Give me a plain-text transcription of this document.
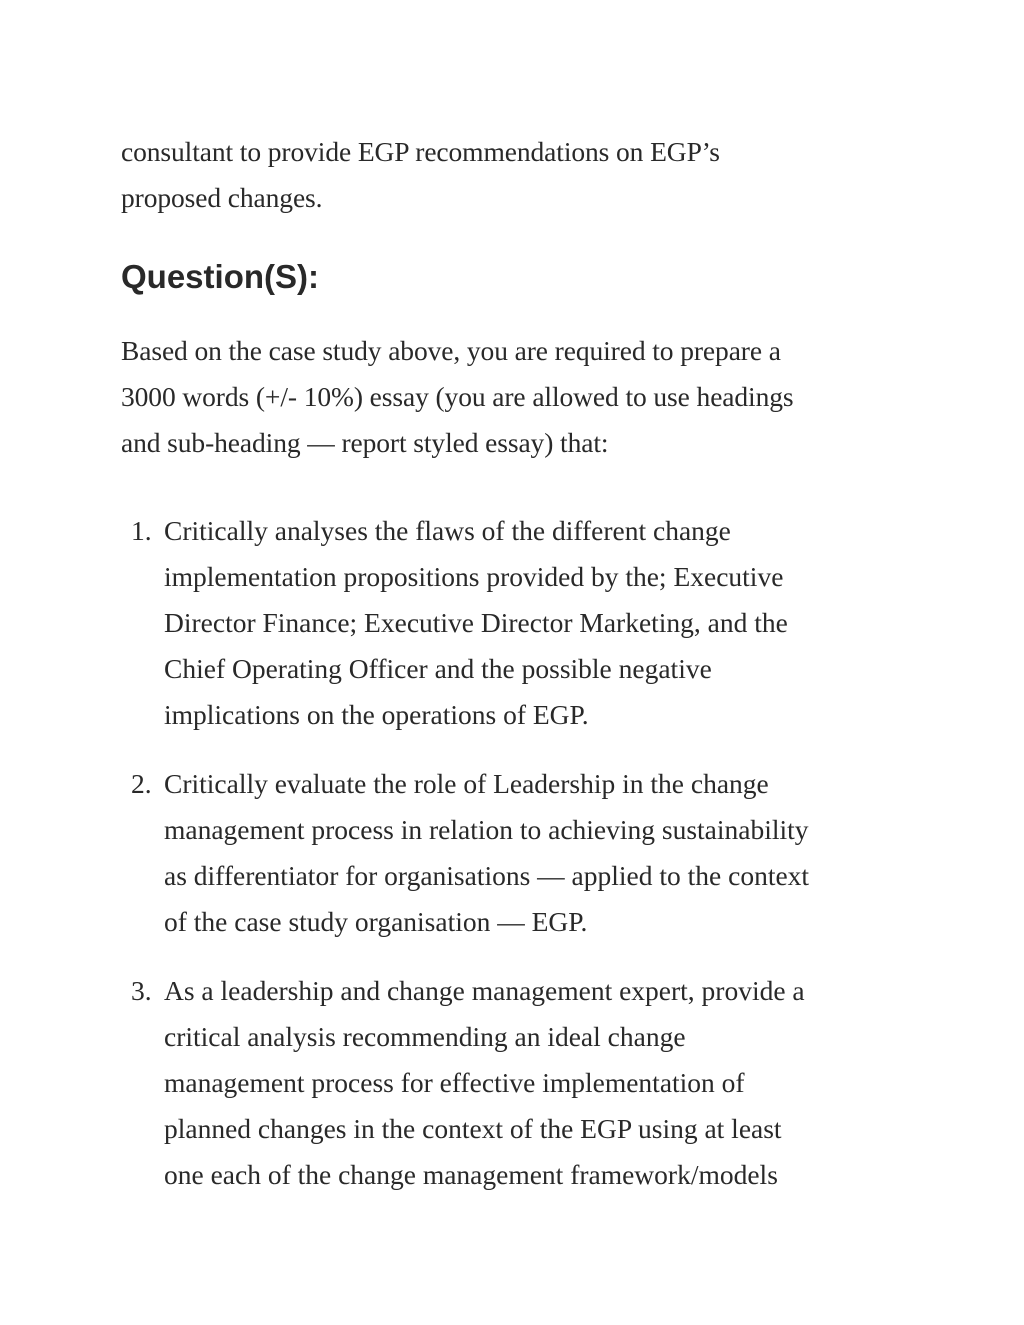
consultant to provide EGP recommendations on EGP’s
proposed changes.

Question(S):

Based on the case study above, you are required to prepare a
3000 words (+/- 10%) essay (you are allowed to use headings
and sub-heading — report styled essay) that:

1. Critically analyses the flaws of the different change
implementation propositions provided by the; Executive
Director Finance; Executive Director Marketing, and the
Chief Operating Officer and the possible negative
implications on the operations of EGP.

2. Critically evaluate the role of Leadership in the change
management process in relation to achieving sustainability
as differentiator for organisations — applied to the context
of the case study organisation — EGP.

3. As a leadership and change management expert, provide a
critical analysis recommending an ideal change
management process for effective implementation of
planned changes in the context of the EGP using at least
one each of the change management framework/models
